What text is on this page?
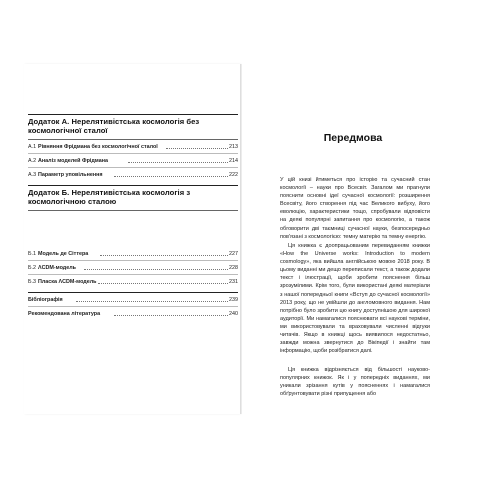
Додаток А. Нерелятивістська космологія без космологічної сталої
А.1 Рівняння Фрідмана без космологічної сталої	213
А.2 Аналіз моделей Фрідмана	214
А.3 Параметр уповільнення	222
Додаток Б. Нерелятивістська космологія з космологічною сталою
Б.1 Модель де Сіттера	227
Б.2 ΛCDM-модель	228
Б.3 Пласка ΛCDM-модель	231
Бібліографія	239
Рекомендована література	240
Передмова

У цій книзі йтиметься про історію та сучасний стан космології – науки про Всесвіт. Загалом ми прагнули пояснити основні ідеї сучасної космології: розширення Всесвіту, його створення під час Великого вибуху, його еволюцію, характеристики тощо, спробували відповісти на деякі популярні запитання про космологію, а також обговорити дві таємниці сучасної науки, безпосередньо пов'язані з космологією: темну матерію та темну енергію.

Ця книжка є доопрацьованим перевиданням книжки «How the Universe works: Introduction to modern cosmology», яка вийшла англійською мовою 2018 року. В цьому виданні ми дещо переписали текст, а також додали текст і ілюстрації, щоби зробити пояснення більш зрозумілими. Крім того, були використані деякі матеріали з нашої попередньої книги «Вступ до сучасної космології» 2013 року, що не увійшли до англомовного видання. Нам потрібно було зробити цю книгу доступнішою для широкої аудиторії. Ми намагалися пояснювати всі наукові терміни, ми використовували та враховували численні відгуки читачів. Якщо в книжці щось виявилося недостатньо, завжди можна звернутися до Вікіпедії і знайти там інформацію, щоби розібратися далі.

Ця книжка відрізняється від більшості науково-популярних книжок. Як і у попередніх виданнях, ми уникали зрізання кутів у поясненнях і намагалися обґрунтовувати різні припущення або
